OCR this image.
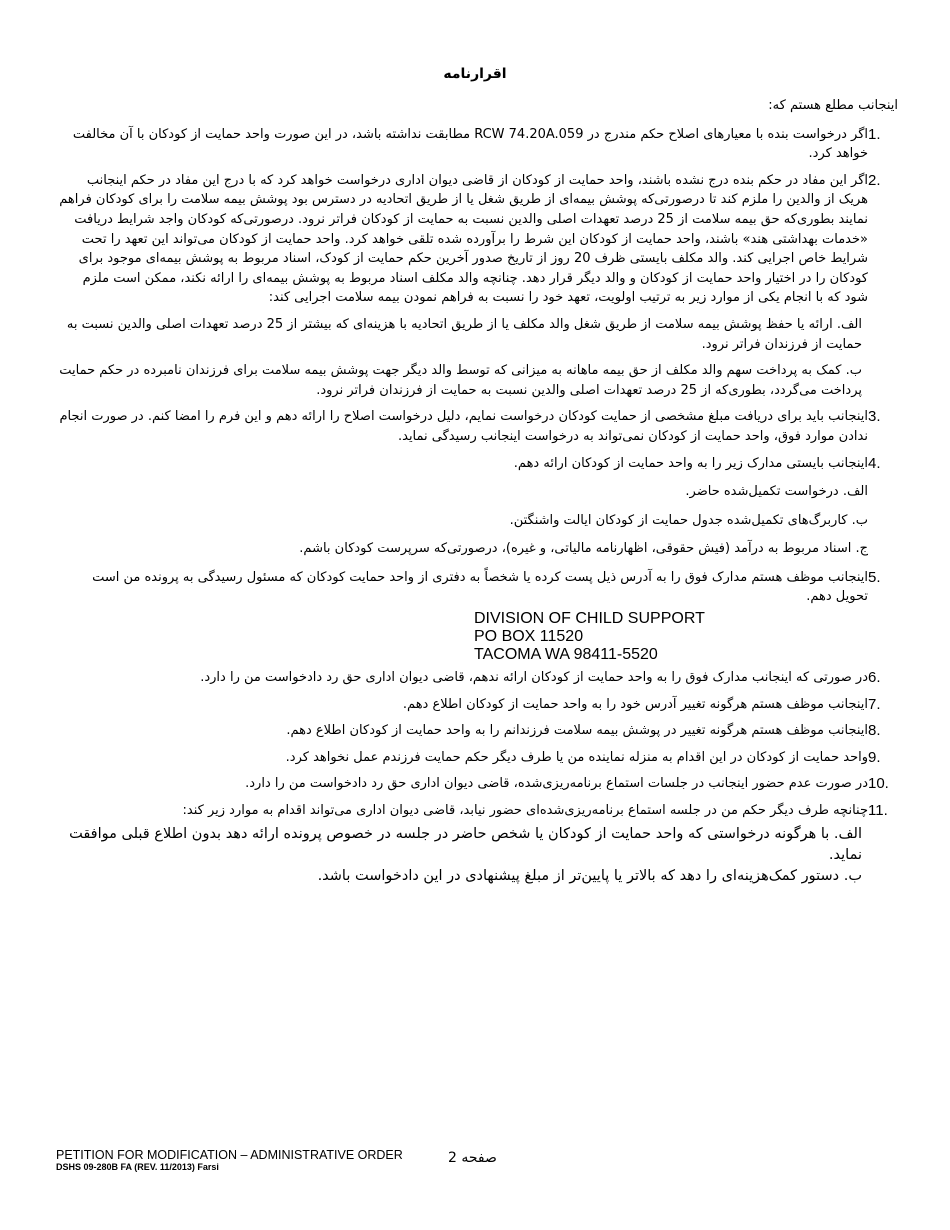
اقرارنامه

اینجانب مطلع هستم که:

1.

اگر درخواست بنده با معیارهای اصلاح حکم مندرج در RCW 74.20A.059 مطابقت نداشته باشد، در این صورت واحد حمایت از کودکان با آن مخالفت خواهد کرد.

2.

اگر این مفاد در حکم بنده درج نشده باشند، واحد حمایت از کودکان از قاضی دیوان اداری درخواست خواهد کرد که با درج این مفاد در حکم اینجانب هریک از والدین را ملزم کند تا درصورتی‌که پوشش بیمه‌ای از طریق شغل یا از طریق اتحادیه در دسترس بود پوشش بیمه سلامت را برای کودکان فراهم نمایند بطوری‌که حق بیمه سلامت از 25 درصد تعهدات اصلی والدین نسبت به حمایت از کودکان فراتر نرود. درصورتی‌که کودکان واجد شرایط دریافت «خدمات بهداشتی هند» باشند، واحد حمایت از کودکان این شرط را برآورده شده تلقی خواهد کرد. واحد حمایت از کودکان می‌تواند این تعهد را تحت شرایط خاص اجرایی کند. والد مکلف بایستی ظرف 20 روز از تاریخ صدور آخرین حکم حمایت از کودک، اسناد مربوط به پوشش بیمه‌ای موجود برای کودکان را در اختیار واحد حمایت از کودکان و والد دیگر قرار دهد. چنانچه والد مکلف اسناد مربوط به پوشش بیمه‌ای را ارائه نکند، ممکن است ملزم شود که با انجام یکی از موارد زیر به ترتیب اولویت، تعهد خود را نسبت به فراهم نمودن بیمه سلامت اجرایی کند:

الف. ارائه یا حفظ پوشش بیمه سلامت از طریق شغل والد مکلف یا از طریق اتحادیه با هزینه‌ای که بیشتر از 25 درصد تعهدات اصلی والدین نسبت به حمایت از فرزندان فراتر نرود.

ب. کمک به پرداخت سهم والد مکلف از حق بیمه ماهانه به میزانی که توسط والد دیگر جهت پوشش بیمه سلامت برای فرزندان نامبرده در حکم حمایت پرداخت می‌گردد، بطوری‌که از 25 درصد تعهدات اصلی والدین نسبت به حمایت از فرزندان فراتر نرود.

3.

اینجانب باید برای دریافت مبلغ مشخصی از حمایت کودکان درخواست نمایم، دلیل درخواست اصلاح را ارائه دهم و این فرم را امضا کنم. در صورت انجام ندادن موارد فوق، واحد حمایت از کودکان نمی‌تواند به درخواست اینجانب رسیدگی نماید.

4.

اینجانب بایستی مدارک زیر را به واحد حمایت از کودکان ارائه دهم.

الف. درخواست تکمیل‌شده حاضر.

ب. کاربرگ‌های تکمیل‌شده جدول حمایت از کودکان ایالت واشنگتن.

ج. اسناد مربوط به درآمد (فیش حقوقی، اظهارنامه مالیاتی، و غیره)، درصورتی‌که سرپرست کودکان باشم.

5.

اینجانب موظف هستم مدارک فوق را به آدرس ذیل پست کرده یا شخصاً به دفتری از واحد حمایت کودکان که مسئول رسیدگی به پرونده من است تحویل دهم.

DIVISION OF CHILD SUPPORT
PO BOX 11520
TACOMA WA 98411-5520
6.

در صورتی که اینجانب مدارک فوق را به واحد حمایت از کودکان ارائه ندهم، قاضی دیوان اداری حق رد دادخواست من را دارد.

7.

اینجانب موظف هستم هرگونه تغییر آدرس خود را به واحد حمایت از کودکان اطلاع دهم.

8.

اینجانب موظف هستم هرگونه تغییر در پوشش بیمه سلامت فرزندانم را به واحد حمایت از کودکان اطلاع دهم.

9.

واحد حمایت از کودکان در این اقدام به منزله نماینده من یا طرف دیگر حکم حمایت فرزندم عمل نخواهد کرد.

10.

در صورت عدم حضور اینجانب در جلسات استماع برنامه‌ریزی‌شده، قاضی دیوان اداری حق رد دادخواست من را دارد.

11.

چنانچه طرف دیگر حکم من در جلسه استماع برنامه‌ریزی‌شده‌ای حضور نیابد، قاضی دیوان اداری می‌تواند اقدام به موارد زیر کند:

الف. با هرگونه درخواستی که واحد حمایت از کودکان یا شخص حاضر در جلسه در خصوص پرونده ارائه دهد بدون اطلاع قبلی موافقت نماید.

ب. دستور کمک‌هزینه‌ای را دهد که بالاتر یا پایین‌تر از مبلغ پیشنهادی در این دادخواست باشد.

PETITION FOR MODIFICATION – ADMINISTRATIVE ORDER
DSHS 09-280B FA (REV. 11/2013) Farsi
صفحه 2
